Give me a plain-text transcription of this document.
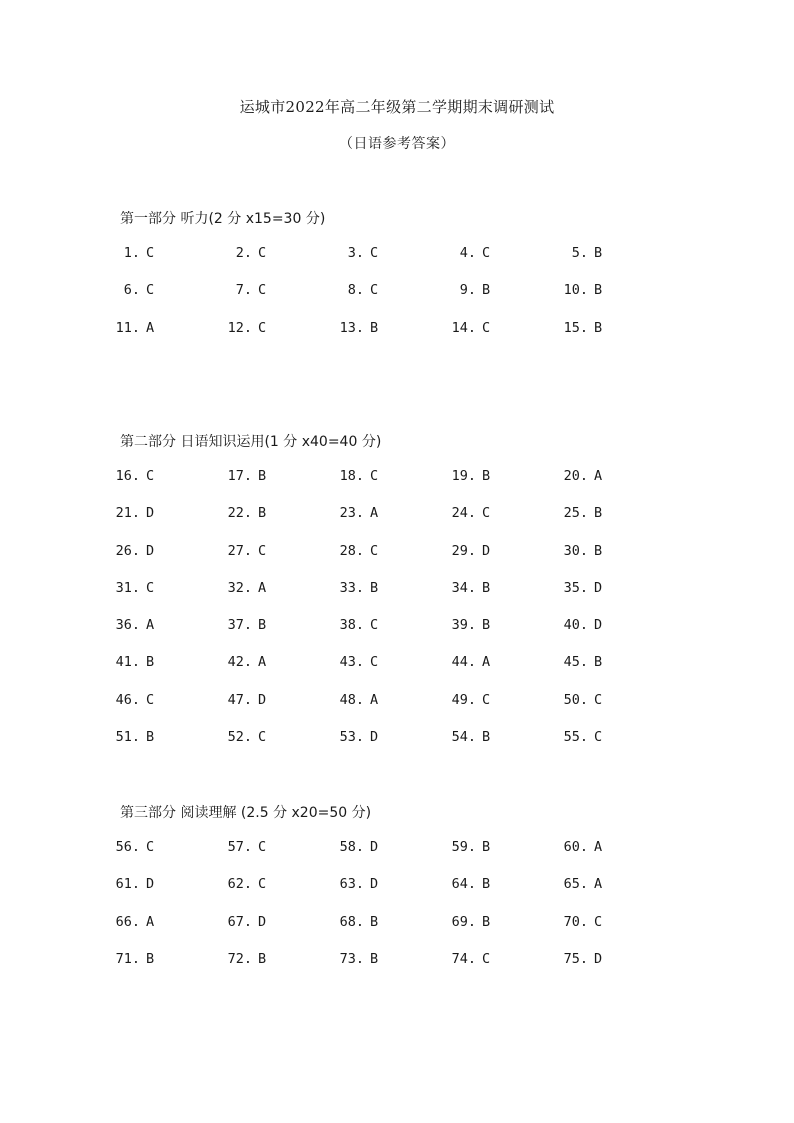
运城市2022年高二年级第二学期期末调研测试
（日语参考答案）
第一部分 听力(2 分 x15=30 分)
1. C	2. C	3. C	4. C	5. B
6. C	7. C	8. C	9. B	10. B
11. A	12. C	13. B	14. C	15. B
第二部分 日语知识运用(1 分 x40=40 分)
16. C	17. B	18. C	19. B	20. A
21. D	22. B	23. A	24. C	25. B
26. D	27. C	28. C	29. D	30. B
31. C	32. A	33. B	34. B	35. D
36. A	37. B	38. C	39. B	40. D
41. B	42. A	43. C	44. A	45. B
46. C	47. D	48. A	49. C	50. C
51. B	52. C	53. D	54. B	55. C
第三部分 阅读理解 (2.5 分 x20=50 分)
56. C	57. C	58. D	59. B	60. A
61. D	62. C	63. D	64. B	65. A
66. A	67. D	68. B	69. B	70. C
71. B	72. B	73. B	74. C	75. D
